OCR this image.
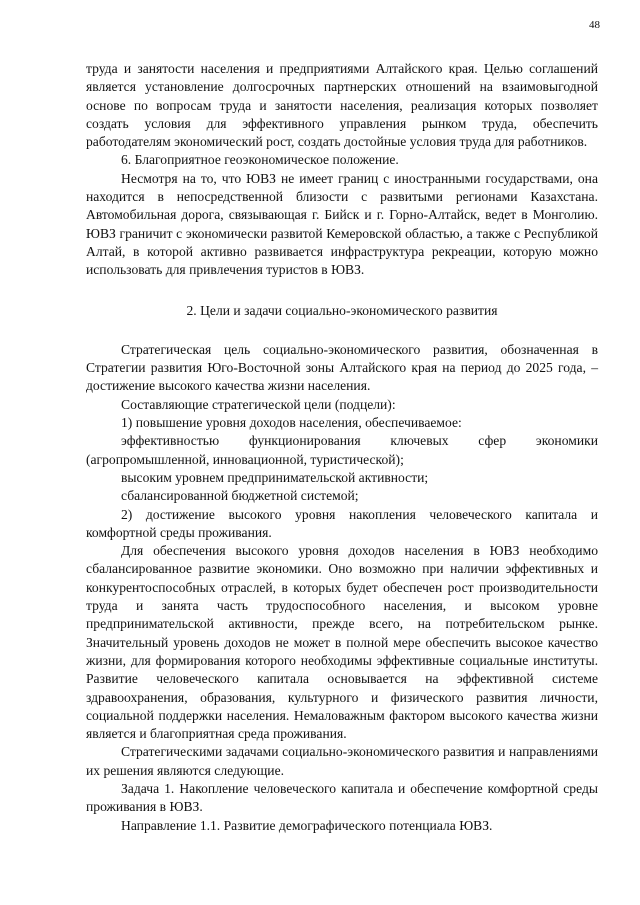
48

труда и занятости населения и предприятиями Алтайского края. Целью соглашений является установление долгосрочных партнерских отношений на взаимовыгодной основе по вопросам труда и занятости населения, реализация которых позволяет создать условия для эффективного управления рынком труда, обеспечить работодателям экономический рост, создать достойные условия труда для работников.

6. Благоприятное геоэкономическое положение.

Несмотря на то, что ЮВЗ не имеет границ с иностранными государствами, она находится в непосредственной близости с развитыми регионами Казахстана. Автомобильная дорога, связывающая г. Бийск и г. Горно-Алтайск, ведет в Монголию. ЮВЗ граничит с экономически развитой Кемеровской областью, а также с Республикой Алтай, в которой активно развивается инфраструктура рекреации, которую можно использовать для привлечения туристов в ЮВЗ.

2. Цели и задачи социально-экономического развития

Стратегическая цель социально-экономического развития, обозначенная в Стратегии развития Юго-Восточной зоны Алтайского края на период до 2025 года, – достижение высокого качества жизни населения.

Составляющие стратегической цели (подцели):

1) повышение уровня доходов населения, обеспечиваемое:

эффективностью функционирования ключевых сфер экономики (агропромышленной, инновационной, туристической);

высоким уровнем предпринимательской активности;

сбалансированной бюджетной системой;

2) достижение высокого уровня накопления человеческого капитала и комфортной среды проживания.

Для обеспечения высокого уровня доходов населения в ЮВЗ необходимо сбалансированное развитие экономики. Оно возможно при наличии эффективных и конкурентоспособных отраслей, в которых будет обеспечен рост производительности труда и занята часть трудоспособного населения, и высоком уровне предпринимательской активности, прежде всего, на потребительском рынке. Значительный уровень доходов не может в полной мере обеспечить высокое качество жизни, для формирования которого необходимы эффективные социальные институты. Развитие человеческого капитала основывается на эффективной системе здравоохранения, образования, культурного и физического развития личности, социальной поддержки населения. Немаловажным фактором высокого качества жизни является и благоприятная среда проживания.

Стратегическими задачами социально-экономического развития и направлениями их решения являются следующие.

Задача 1. Накопление человеческого капитала и обеспечение комфортной среды проживания в ЮВЗ.

Направление 1.1. Развитие демографического потенциала ЮВЗ.
